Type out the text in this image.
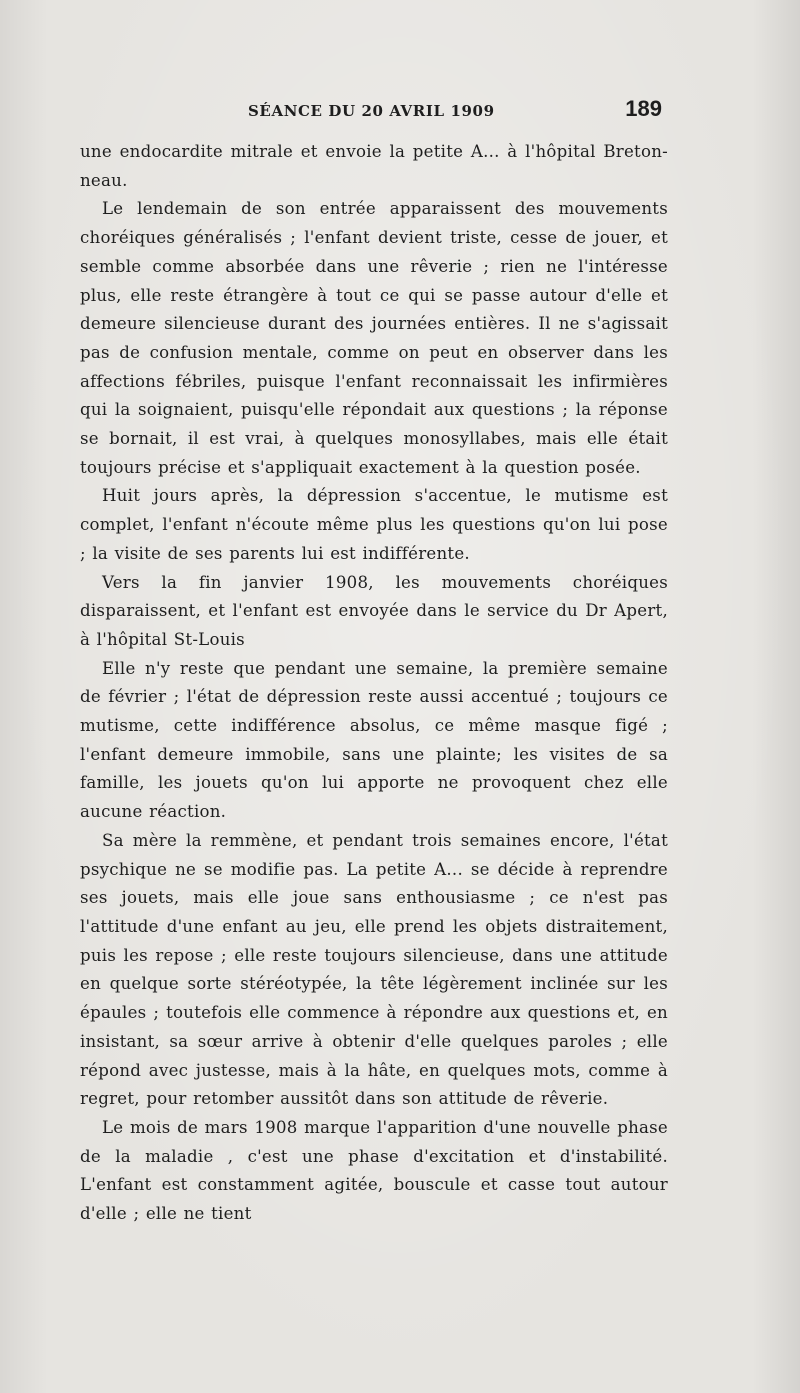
SÉANCE DU 20 AVRIL 1909	189

une endocardite mitrale et envoie la petite A... à l'hôpital Breton-neau.

Le lendemain de son entrée apparaissent des mouvements choréiques généralisés ; l'enfant devient triste, cesse de jouer, et semble comme absorbée dans une rêverie ; rien ne l'intéresse plus, elle reste étrangère à tout ce qui se passe autour d'elle et demeure silencieuse durant des journées entières. Il ne s'agissait pas de confusion mentale, comme on peut en observer dans les affections fébriles, puisque l'enfant reconnaissait les infirmières qui la soignaient, puisqu'elle répondait aux questions ; la réponse se bornait, il est vrai, à quelques monosyllabes, mais elle était toujours précise et s'appliquait exactement à la question posée.

Huit jours après, la dépression s'accentue, le mutisme est complet, l'enfant n'écoute même plus les questions qu'on lui pose ; la visite de ses parents lui est indifférente.

Vers la fin janvier 1908, les mouvements choréiques disparaissent, et l'enfant est envoyée dans le service du Dr Apert, à l'hôpital St-Louis

Elle n'y reste que pendant une semaine, la première semaine de février ; l'état de dépression reste aussi accentué ; toujours ce mutisme, cette indifférence absolus, ce même masque figé ; l'enfant demeure immobile, sans une plainte; les visites de sa famille, les jouets qu'on lui apporte ne provoquent chez elle aucune réaction.

Sa mère la remmène, et pendant trois semaines encore, l'état psychique ne se modifie pas. La petite A... se décide à reprendre ses jouets, mais elle joue sans enthousiasme ; ce n'est pas l'attitude d'une enfant au jeu, elle prend les objets distraitement, puis les repose ; elle reste toujours silencieuse, dans une attitude en quelque sorte stéréotypée, la tête légèrement inclinée sur les épaules ; toutefois elle commence à répondre aux questions et, en insistant, sa sœur arrive à obtenir d'elle quelques paroles ; elle répond avec justesse, mais à la hâte, en quelques mots, comme à regret, pour retomber aussitôt dans son attitude de rêverie.

Le mois de mars 1908 marque l'apparition d'une nouvelle phase de la maladie , c'est une phase d'excitation et d'instabilité. L'enfant est constamment agitée, bouscule et casse tout autour d'elle ; elle ne tient
